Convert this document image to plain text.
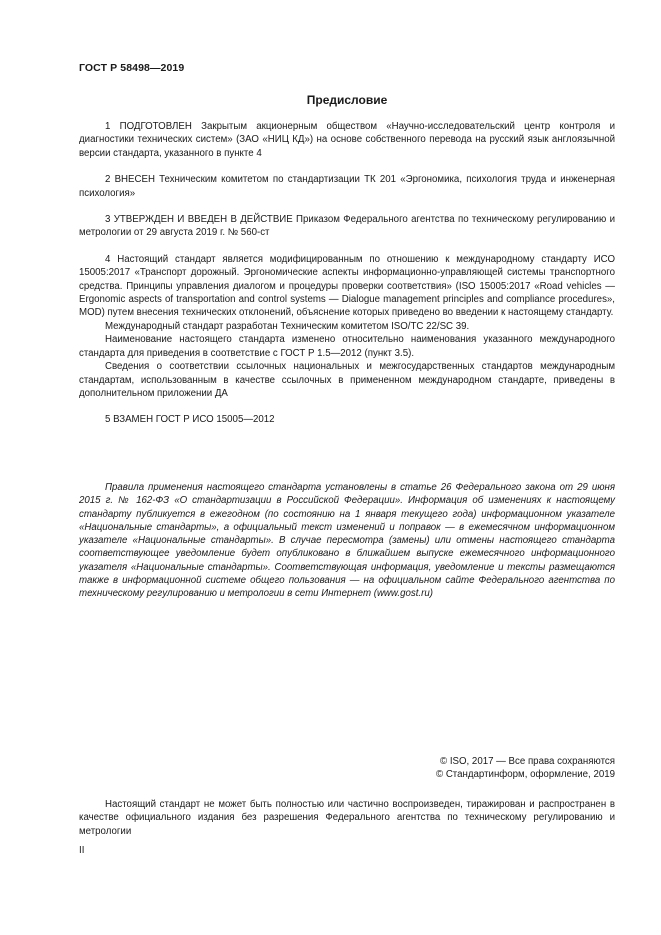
ГОСТ Р 58498—2019
Предисловие

1 ПОДГОТОВЛЕН Закрытым акционерным обществом «Научно-исследовательский центр контроля и диагностики технических систем» (ЗАО «НИЦ КД») на основе собственного перевода на русский язык англоязычной версии стандарта, указанного в пункте 4

2 ВНЕСЕН Техническим комитетом по стандартизации ТК 201 «Эргономика, психология труда и инженерная психология»

3 УТВЕРЖДЕН И ВВЕДЕН В ДЕЙСТВИЕ Приказом Федерального агентства по техническому регулированию и метрологии от 29 августа 2019 г. № 560-ст

4 Настоящий стандарт является модифицированным по отношению к международному стандарту ИСО 15005:2017 «Транспорт дорожный. Эргономические аспекты информационно-управляющей системы транспортного средства. Принципы управления диалогом и процедуры проверки соответствия» (ISO 15005:2017 «Road vehicles — Ergonomic aspects of transportation and control systems — Dialogue management principles and compliance procedures», MOD) путем внесения технических отклонений, объяснение которых приведено во введении к настоящему стандарту.

Международный стандарт разработан Техническим комитетом ISO/TC 22/SC 39.

Наименование настоящего стандарта изменено относительно наименования указанного международного стандарта для приведения в соответствие с ГОСТ Р 1.5—2012 (пункт 3.5).

Сведения о соответствии ссылочных национальных и межгосударственных стандартов международным стандартам, использованным в качестве ссылочных в примененном международном стандарте, приведены в дополнительном приложении ДА

5 ВЗАМЕН ГОСТ Р ИСО 15005—2012

Правила применения настоящего стандарта установлены в статье 26 Федерального закона от 29 июня 2015 г. № 162-ФЗ «О стандартизации в Российской Федерации». Информация об изменениях к настоящему стандарту публикуется в ежегодном (по состоянию на 1 января текущего года) информационном указателе «Национальные стандарты», а официальный текст изменений и поправок — в ежемесячном информационном указателе «Национальные стандарты». В случае пересмотра (замены) или отмены настоящего стандарта соответствующее уведомление будет опубликовано в ближайшем выпуске ежемесячного информационного указателя «Национальные стандарты». Соответствующая информация, уведомление и тексты размещаются также в информационной системе общего пользования — на официальном сайте Федерального агентства по техническому регулированию и метрологии в сети Интернет (www.gost.ru)

© ISO, 2017 — Все права сохраняются
© Стандартинформ, оформление, 2019

Настоящий стандарт не может быть полностью или частично воспроизведен, тиражирован и распространен в качестве официального издания без разрешения Федерального агентства по техническому регулированию и метрологии

II
